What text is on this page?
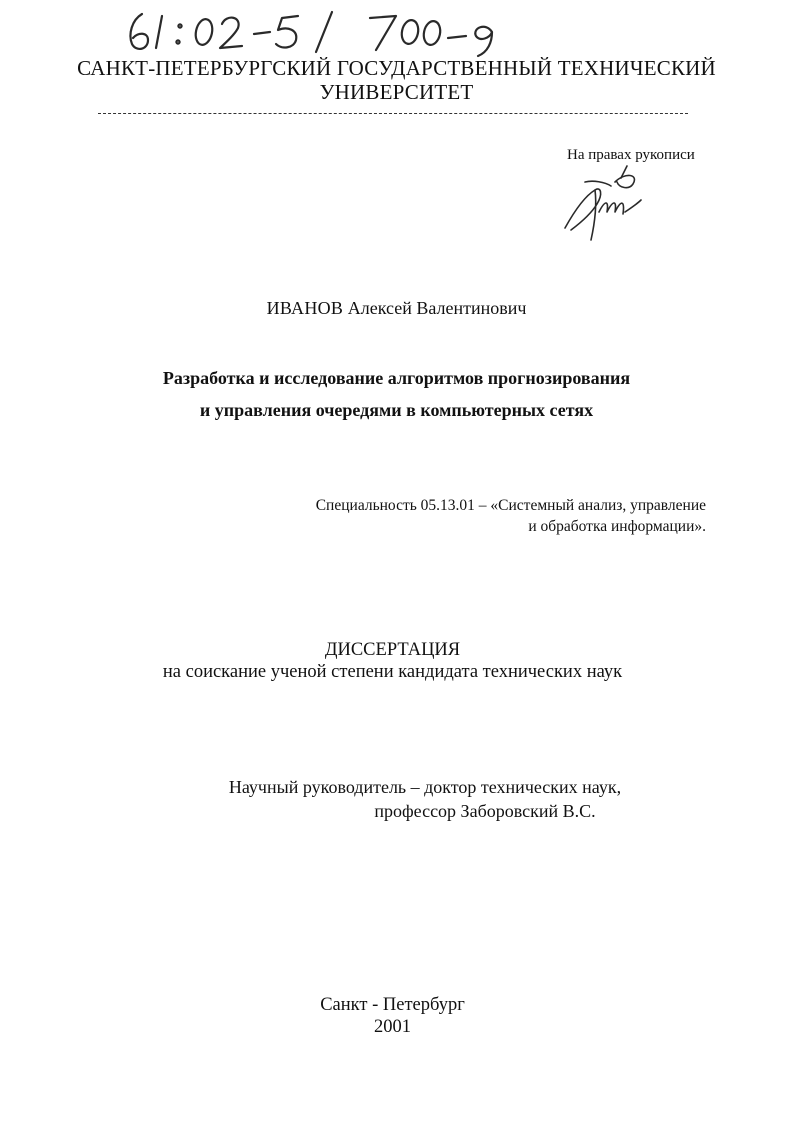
САНКТ-ПЕТЕРБУРГСКИЙ ГОСУДАРСТВЕННЫЙ ТЕХНИЧЕСКИЙ
УНИВЕРСИТЕТ
На правах рукописи
ИВАНОВ Алексей Валентинович
Разработка и исследование алгоритмов прогнозирования
и управления очередями в компьютерных сетях
Специальность 05.13.01 – «Системный анализ, управление
и обработка информации».
ДИССЕРТАЦИЯ
на соискание ученой степени кандидата технических наук
Научный руководитель – доктор технических наук,
профессор Заборовский В.С.
Санкт - Петербург
2001
